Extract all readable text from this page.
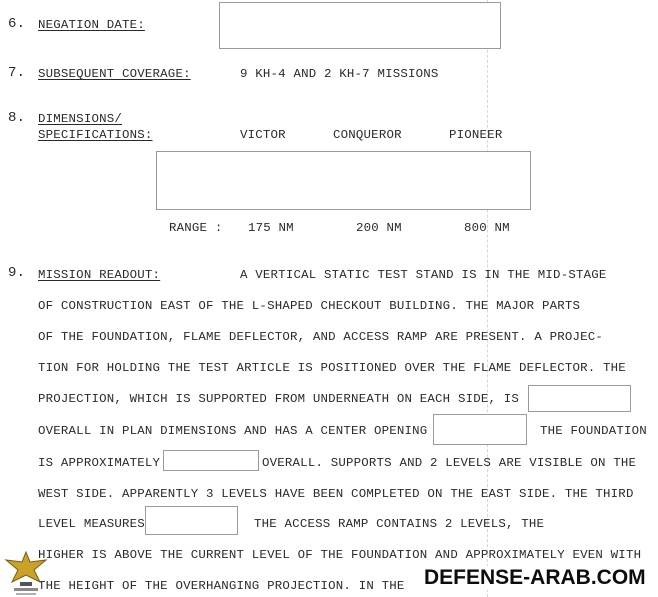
6. NEGATION DATE:
7. SUBSEQUENT COVERAGE:	9 KH-4 AND 2 KH-7 MISSIONS
8. DIMENSIONS/
SPECIFICATIONS:	VICTOR	CONQUEROR	PIONEER
RANGE : 175 NM	200 NM	800 NM
9. MISSION READOUT:	A VERTICAL STATIC TEST STAND IS IN THE MID-STAGE
OF CONSTRUCTION EAST OF THE L-SHAPED CHECKOUT BUILDING. THE MAJOR PARTS
OF THE FOUNDATION, FLAME DEFLECTOR, AND ACCESS RAMP ARE PRESENT. A PROJEC-
TION FOR HOLDING THE TEST ARTICLE IS POSITIONED OVER THE FLAME DEFLECTOR. THE
PROJECTION, WHICH IS SUPPORTED FROM UNDERNEATH ON EACH SIDE, IS
OVERALL IN PLAN DIMENSIONS AND HAS A CENTER OPENING	THE FOUNDATION
IS APPROXIMATELY	OVERALL. SUPPORTS AND 2 LEVELS ARE VISIBLE ON THE
WEST SIDE. APPARENTLY 3 LEVELS HAVE BEEN COMPLETED ON THE EAST SIDE. THE THIRD
LEVEL MEASURES	THE ACCESS RAMP CONTAINS 2 LEVELS, THE
HIGHER IS ABOVE THE CURRENT LEVEL OF THE FOUNDATION AND APPROXIMATELY EVEN WITH
THE HEIGHT OF THE OVERHANGING PROJECTION. IN THE DEFENSE-ARAB.COM
